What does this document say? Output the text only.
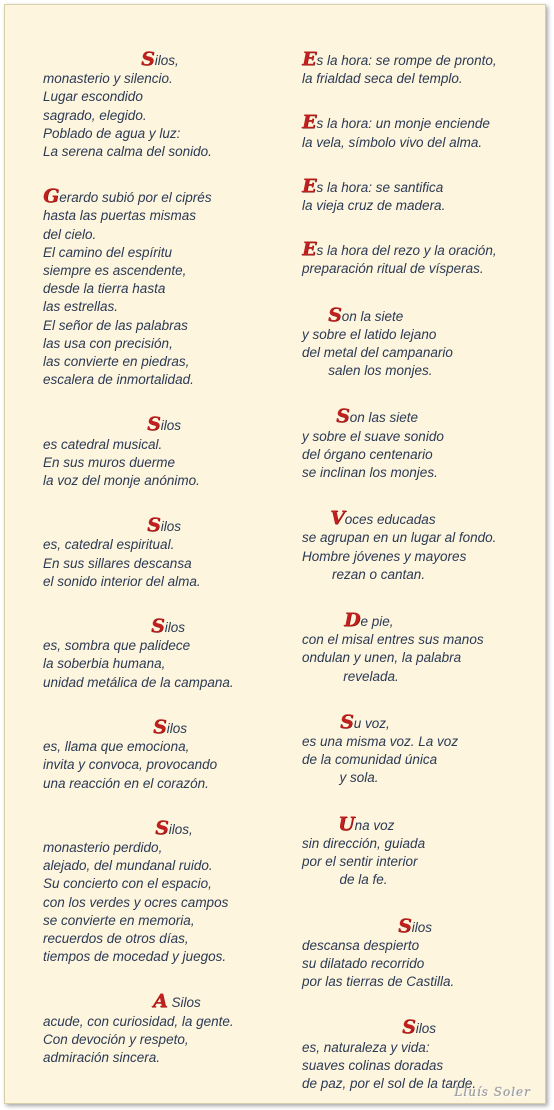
Silos,
monasterio y silencio.
Lugar escondido
sagrado, elegido.
Poblado de agua y luz:
La serena calma del sonido.
Gerardo subió por el ciprés
hasta las puertas mismas
del cielo.
El camino del espíritu
siempre es ascendente,
desde la tierra hasta
las estrellas.
El señor de las palabras
las usa con precisión,
las convierte en piedras,
escalera de inmortalidad.
Silos
es catedral musical.
En sus muros duerme
la voz del monje anónimo.
Silos
es, catedral espiritual.
En sus sillares descansa
el sonido interior del alma.
Silos
es, sombra que palidece
la soberbia humana,
unidad metálica de la campana.
Silos
es, llama que emociona,
invita y convoca, provocando
una reacción en el corazón.
Silos,
monasterio perdido,
alejado, del mundanal ruido.
Su concierto con el espacio,
con los verdes y ocres campos
se convierte en memoria,
recuerdos de otros días,
tiempos de mocedad y juegos.
A Silos
acude, con curiosidad, la gente.
Con devoción y respeto,
admiración sincera.
Es la hora: se rompe de pronto,
la frialdad seca del templo.
Es la hora: un monje enciende
la vela, símbolo vivo del alma.
Es la hora: se santifica
la vieja cruz de madera.
Es la hora del rezo y la oración,
preparación ritual de vísperas.
Son la siete
y sobre el latido lejano
del metal del campanario
salen los monjes.
Son las siete
y sobre el suave sonido
del órgano centenario
se inclinan los monjes.
Voces educadas
se agrupan en un lugar al fondo.
Hombre jóvenes y mayores
rezan o cantan.
De pie,
con el misal entres sus manos
ondulan y unen, la palabra
revelada.
Su voz,
es una misma voz. La voz
de la comunidad única
y sola.
Una voz
sin dirección, guiada
por el sentir interior
de la fe.
Silos
descansa despierto
su dilatado recorrido
por las tierras de Castilla.
Silos
es, naturaleza y vida:
suaves colinas doradas
de paz, por el sol de la tarde.
Lluís Soler
